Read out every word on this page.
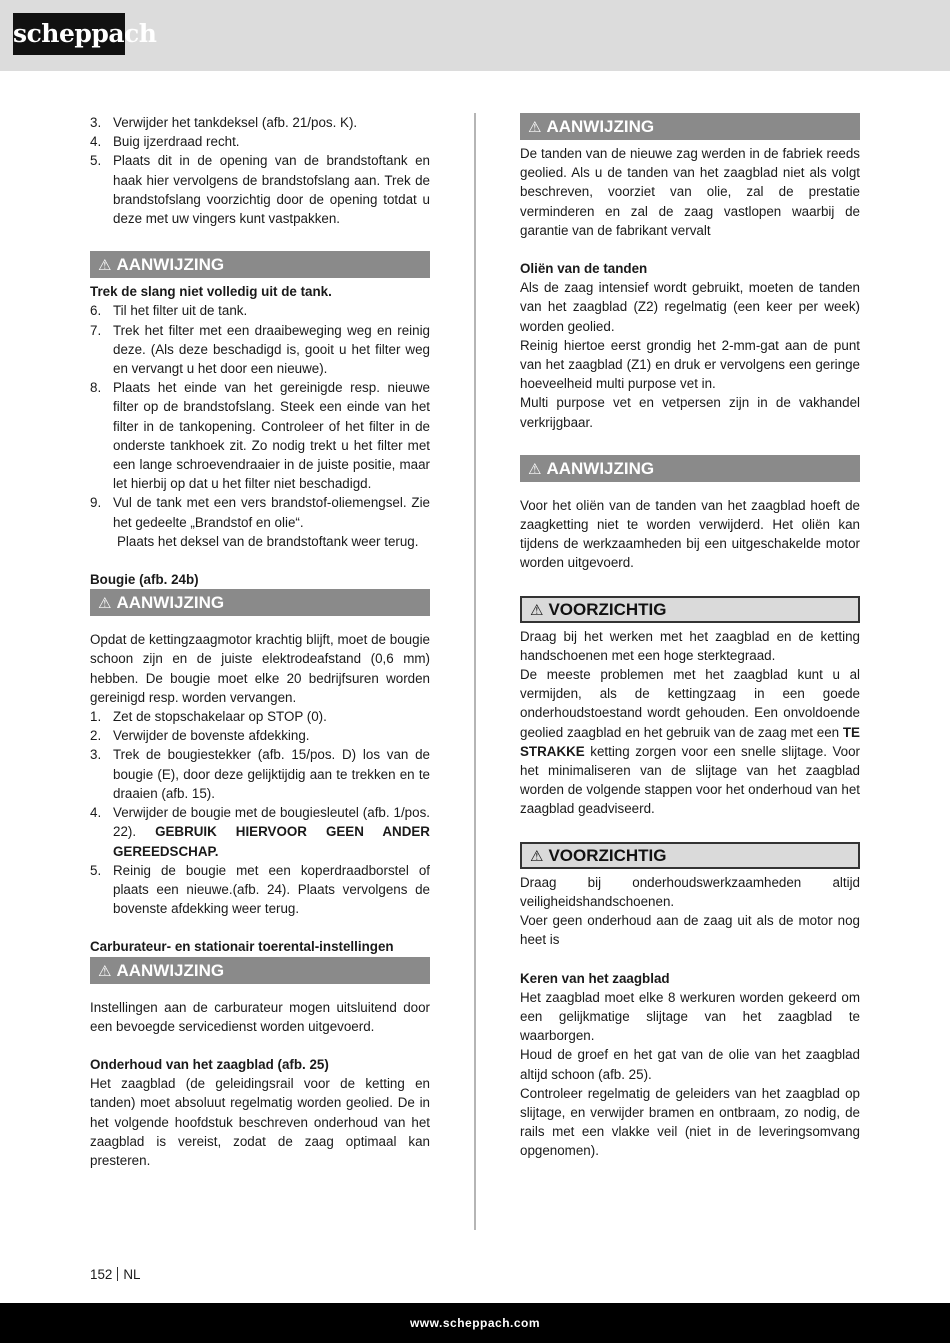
scheppach
3. Verwijder het tankdeksel (afb. 21/pos. K).
4. Buig ijzerdraad recht.
5. Plaats dit in de opening van de brandstoftank en haak hier vervolgens de brandstofslang aan. Trek de brandstofslang voorzichtig door de opening totdat u deze met uw vingers kunt vastpakken.
⚠ AANWIJZING

Trek de slang niet volledig uit de tank.

6. Til het filter uit de tank.
7. Trek het filter met een draaibeweging weg en reinig deze. (Als deze beschadigd is, gooit u het filter weg en vervangt u het door een nieuwe).
8. Plaats het einde van het gereinigde resp. nieuwe filter op de brandstofslang. Steek een einde van het filter in de tankopening. Controleer of het filter in de onderste tankhoek zit. Zo nodig trekt u het filter met een lange schroevendraaier in de juiste positie, maar let hierbij op dat u het filter niet beschadigd.
9. Vul de tank met een vers brandstof-oliemengsel. Zie het gedeelte „Brandstof en olie“.

Plaats het deksel van de brandstoftank weer terug.

Bougie (afb. 24b)

⚠ AANWIJZING

Opdat de kettingzaagmotor krachtig blijft, moet de bougie schoon zijn en de juiste elektrodeafstand (0,6 mm) hebben. De bougie moet elke 20 bedrijfsuren worden gereinigd resp. worden vervangen.

1. Zet de stopschakelaar op STOP (0).
2. Verwijder de bovenste afdekking.
3. Trek de bougiestekker (afb. 15/pos. D) los van de bougie (E), door deze gelijktijdig aan te trekken en te draaien (afb. 15).
4. Verwijder de bougie met de bougiesleutel (afb. 1/pos. 22). GEBRUIK HIERVOOR GEEN ANDER GEREEDSCHAP.
5. Reinig de bougie met een koperdraadborstel of plaats een nieuwe.(afb. 24). Plaats vervolgens de bovenste afdekking weer terug.

Carburateur- en stationair toerental-instellingen

⚠ AANWIJZING

Instellingen aan de carburateur mogen uitsluitend door een bevoegde servicedienst worden uitgevoerd.

Onderhoud van het zaagblad (afb. 25)

Het zaagblad (de geleidingsrail voor de ketting en tanden) moet absoluut regelmatig worden geolied. De in het volgende hoofdstuk beschreven onderhoud van het zaagblad is vereist, zodat de zaag optimaal kan presteren.

⚠ AANWIJZING

De tanden van de nieuwe zag werden in de fabriek reeds geolied. Als u de tanden van het zaagblad niet als volgt beschreven, voorziet van olie, zal de prestatie verminderen en zal de zaag vastlopen waarbij de garantie van de fabrikant vervalt

Oliën van de tanden

Als de zaag intensief wordt gebruikt, moeten de tanden van het zaagblad (Z2) regelmatig (een keer per week) worden geolied.

Reinig hiertoe eerst grondig het 2-mm-gat aan de punt van het zaagblad (Z1) en druk er vervolgens een geringe hoeveelheid multi purpose vet in.

Multi purpose vet en vetpersen zijn in de vakhandel verkrijgbaar.

⚠ AANWIJZING

Voor het oliën van de tanden van het zaagblad hoeft de zaagketting niet te worden verwijderd. Het oliën kan tijdens de werkzaamheden bij een uitgeschakelde motor worden uitgevoerd.

⚠ VOORZICHTIG

Draag bij het werken met het zaagblad en de ketting handschoenen met een hoge sterktegraad.

De meeste problemen met het zaagblad kunt u al vermijden, als de kettingzaag in een goede onderhoudstoestand wordt gehouden. Een onvoldoende geolied zaagblad en het gebruik van de zaag met een TE STRAKKE ketting zorgen voor een snelle slijtage. Voor het minimaliseren van de slijtage van het zaagblad worden de volgende stappen voor het onderhoud van het zaagblad geadviseerd.

⚠ VOORZICHTIG

Draag bij onderhoudswerkzaamheden altijd veiligheidshandschoenen.

Voer geen onderhoud aan de zaag uit als de motor nog heet is

Keren van het zaagblad

Het zaagblad moet elke 8 werkuren worden gekeerd om een gelijkmatige slijtage van het zaagblad te waarborgen.

Houd de groef en het gat van de olie van het zaagblad altijd schoon (afb. 25).

Controleer regelmatig de geleiders van het zaagblad op slijtage, en verwijder bramen en ontbraam, zo nodig, de rails met een vlakke veil (niet in de leveringsomvang opgenomen).

152 NL
www.scheppach.com
